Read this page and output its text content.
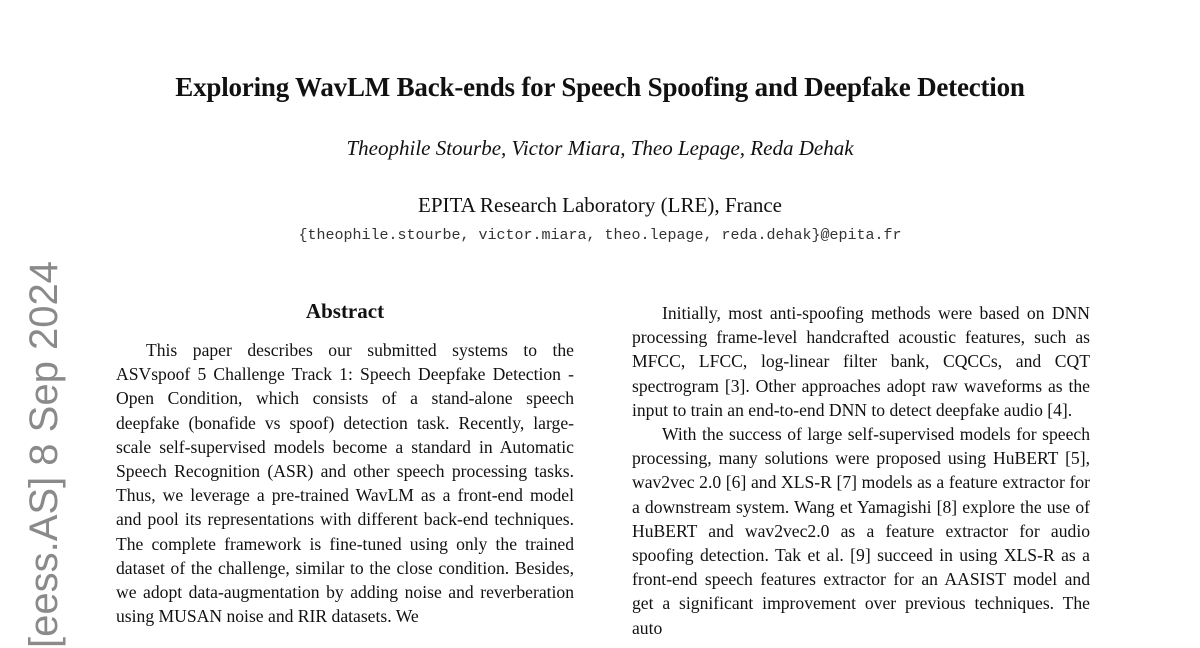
Exploring WavLM Back-ends for Speech Spoofing and Deepfake Detection
Theophile Stourbe, Victor Miara, Theo Lepage, Reda Dehak
EPITA Research Laboratory (LRE), France
{theophile.stourbe, victor.miara, theo.lepage, reda.dehak}@epita.fr
[eess.AS] 8 Sep 2024	Abstract

This paper describes our submitted systems to the ASVspoof 5 Challenge Track 1: Speech Deepfake Detection - Open Condition, which consists of a stand-alone speech deepfake (bonafide vs spoof) detection task. Recently, large-scale self-supervised models become a standard in Automatic Speech Recognition (ASR) and other speech processing tasks. Thus, we leverage a pre-trained WavLM as a front-end model and pool its representations with different back-end techniques. The complete framework is fine-tuned using only the trained dataset of the challenge, similar to the close condition. Besides, we adopt data-augmentation by adding noise and reverberation using MUSAN noise and RIR datasets. We

Initially, most anti-spoofing methods were based on DNN processing frame-level handcrafted acoustic features, such as MFCC, LFCC, log-linear filter bank, CQCCs, and CQT spectrogram [3]. Other approaches adopt raw waveforms as the input to train an end-to-end DNN to detect deepfake audio [4].

With the success of large self-supervised models for speech processing, many solutions were proposed using HuBERT [5], wav2vec 2.0 [6] and XLS-R [7] models as a feature extractor for a downstream system. Wang et Yamagishi [8] explore the use of HuBERT and wav2vec2.0 as a feature extractor for audio spoofing detection. Tak et al. [9] succeed in using XLS-R as a front-end speech features extractor for an AASIST model and get a significant improvement over previous techniques. The auto
